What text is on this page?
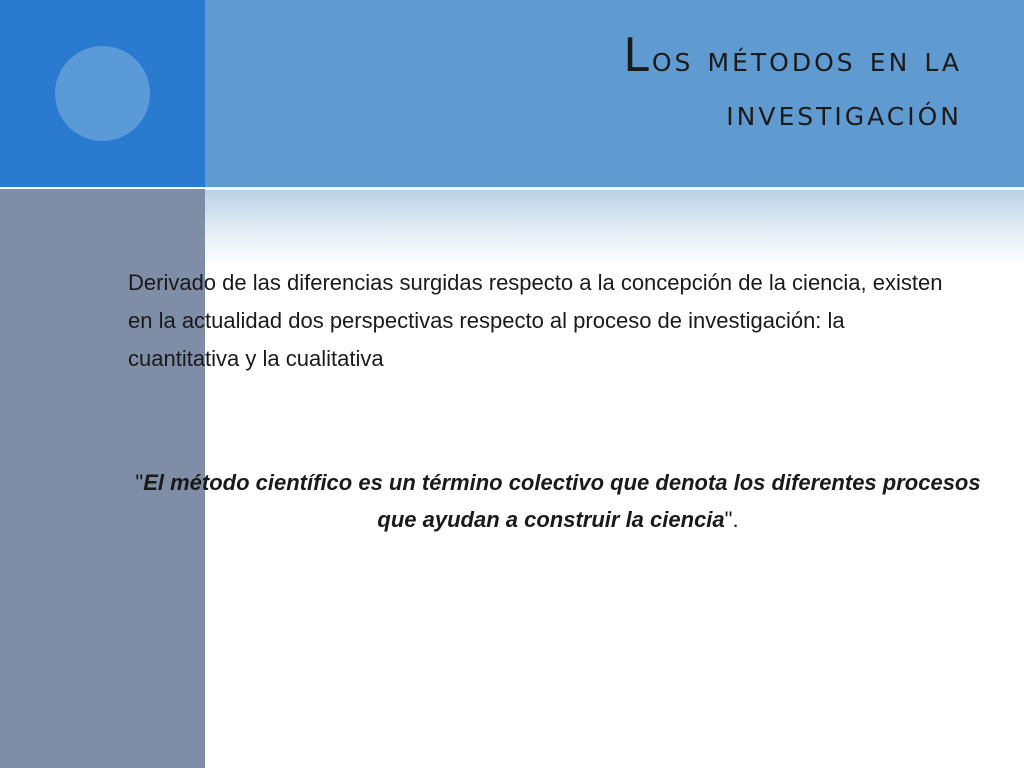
Los métodos en la
investigación

Derivado de las diferencias surgidas respecto a la concepción de la ciencia, existen en la actualidad dos perspectivas respecto al proceso de investigación: la cuantitativa y la cualitativa

"El método científico es un término colectivo que denota los diferentes procesos que ayudan a construir la ciencia".
